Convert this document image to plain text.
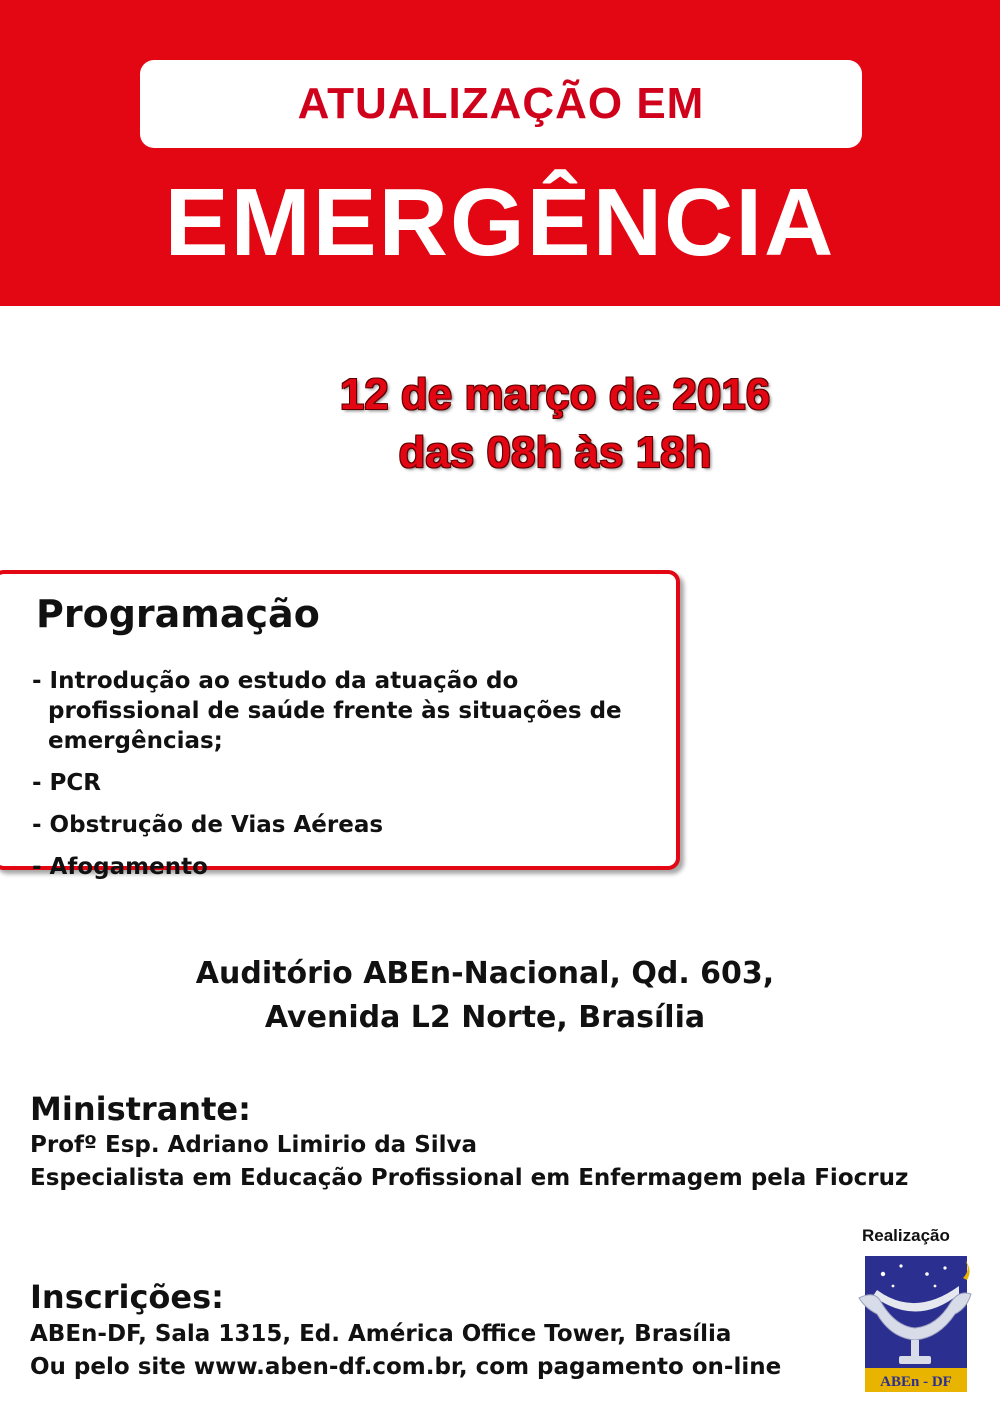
ATUALIZAÇÃO EM
EMERGÊNCIA
12 de março de 2016
das 08h às 18h
Programação
- Introdução ao estudo da atuação do profissional de saúde frente às situações de emergências;
- PCR
- Obstrução de Vias Aéreas
- Afogamento
Auditório ABEn-Nacional, Qd. 603,
Avenida L2 Norte, Brasília
Ministrante:
Profº Esp. Adriano Limirio da Silva
Especialista em Educação Profissional em Enfermagem pela Fiocruz
Inscrições:
ABEn-DF, Sala 1315, Ed. América Office Tower, Brasília
Ou pelo site www.aben-df.com.br, com pagamento on-line
Realização
ABEn - DF
